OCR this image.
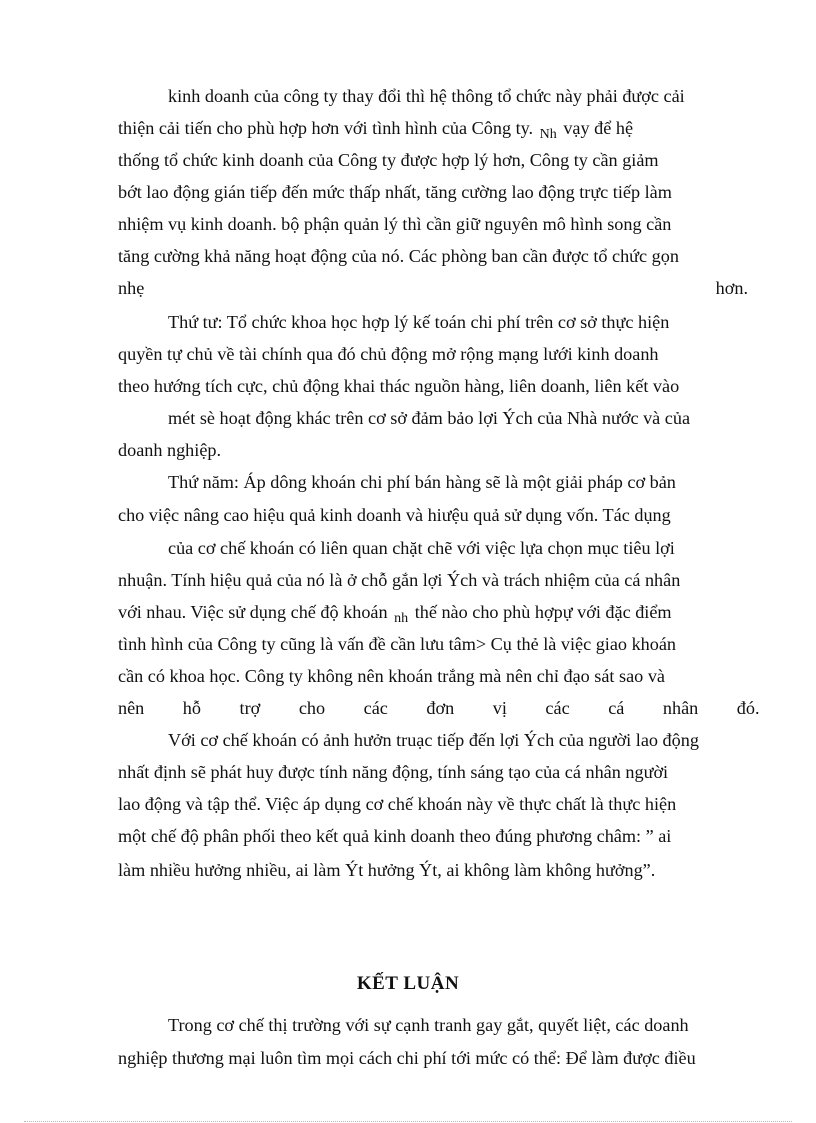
kinh doanh của công ty thay đổi thì hệ thông tổ chức này phải được cải
thiện cải tiến cho phù hợp hơn với tình hình của Công ty. $_{Nh}$ vạy để hệ
thống tổ chức kinh doanh của Công ty được hợp lý hơn, Công ty cần giảm
bớt lao động gián tiếp đến mức thấp nhất, tăng cường lao động trực tiếp làm
nhiệm vụ kinh doanh. bộ phận quản lý thì cần giữ nguyên mô hình song cần
tăng cường khả năng hoạt động của nó. Các phòng ban cần được tổ chức gọn
nhẹ	hơn.
Thứ tư: Tổ chức khoa học hợp lý kế toán chi phí trên cơ sở thực hiện
quyền tự chủ về tài chính qua đó chủ động mở rộng mạng lưới kinh doanh
theo hướng tích cực, chủ động khai thác nguồn hàng, liên doanh, liên kết vào
mét sè hoạt động khác trên cơ sở đảm bảo lợi Ých của Nhà nước và của
doanh nghiệp.
Thứ năm: Áp dông khoán chi phí bán hàng sẽ là một giải pháp cơ bản
cho việc nâng cao hiệu quả kinh doanh và hiưệu quả sử dụng vốn. Tác dụng
của cơ chế khoán có liên quan chặt chẽ với việc lựa chọn mục tiêu lợi
nhuận. Tính hiệu quả của nó là ở chỗ gắn lợi Ých và trách nhiệm của cá nhân
với nhau. Việc sử dụng chế độ khoán $_{nh}$ thế nào cho phù hợpự với đặc điểm
tình hình của Công ty cũng là vấn đề cần lưu tâm> Cụ thẻ là việc giao khoán
cần có khoa học. Công ty không nên khoán trắng mà nên chỉ đạo sát sao và
nên hỗ trợ cho các đơn vị các cá nhân đó.
Với cơ chế khoán có ảnh hưởn truạc tiếp đến lợi Ých của người lao động
nhất định sẽ phát huy được tính năng động, tính sáng tạo của cá nhân người
lao động và tập thể. Việc áp dụng cơ chế khoán này về thực chất là thực hiện
một chế độ phân phối theo kết quả kinh doanh theo đúng phương châm: ” ai
làm nhiều hưởng nhiều, ai làm Ýt hưởng Ýt, ai không làm không hưởng”.
KẾT LUẬN
Trong cơ chế thị trường với sự cạnh tranh gay gắt, quyết liệt, các doanh
nghiệp thương mại luôn tìm mọi cách chi phí tới mức có thể: Để làm được điều
